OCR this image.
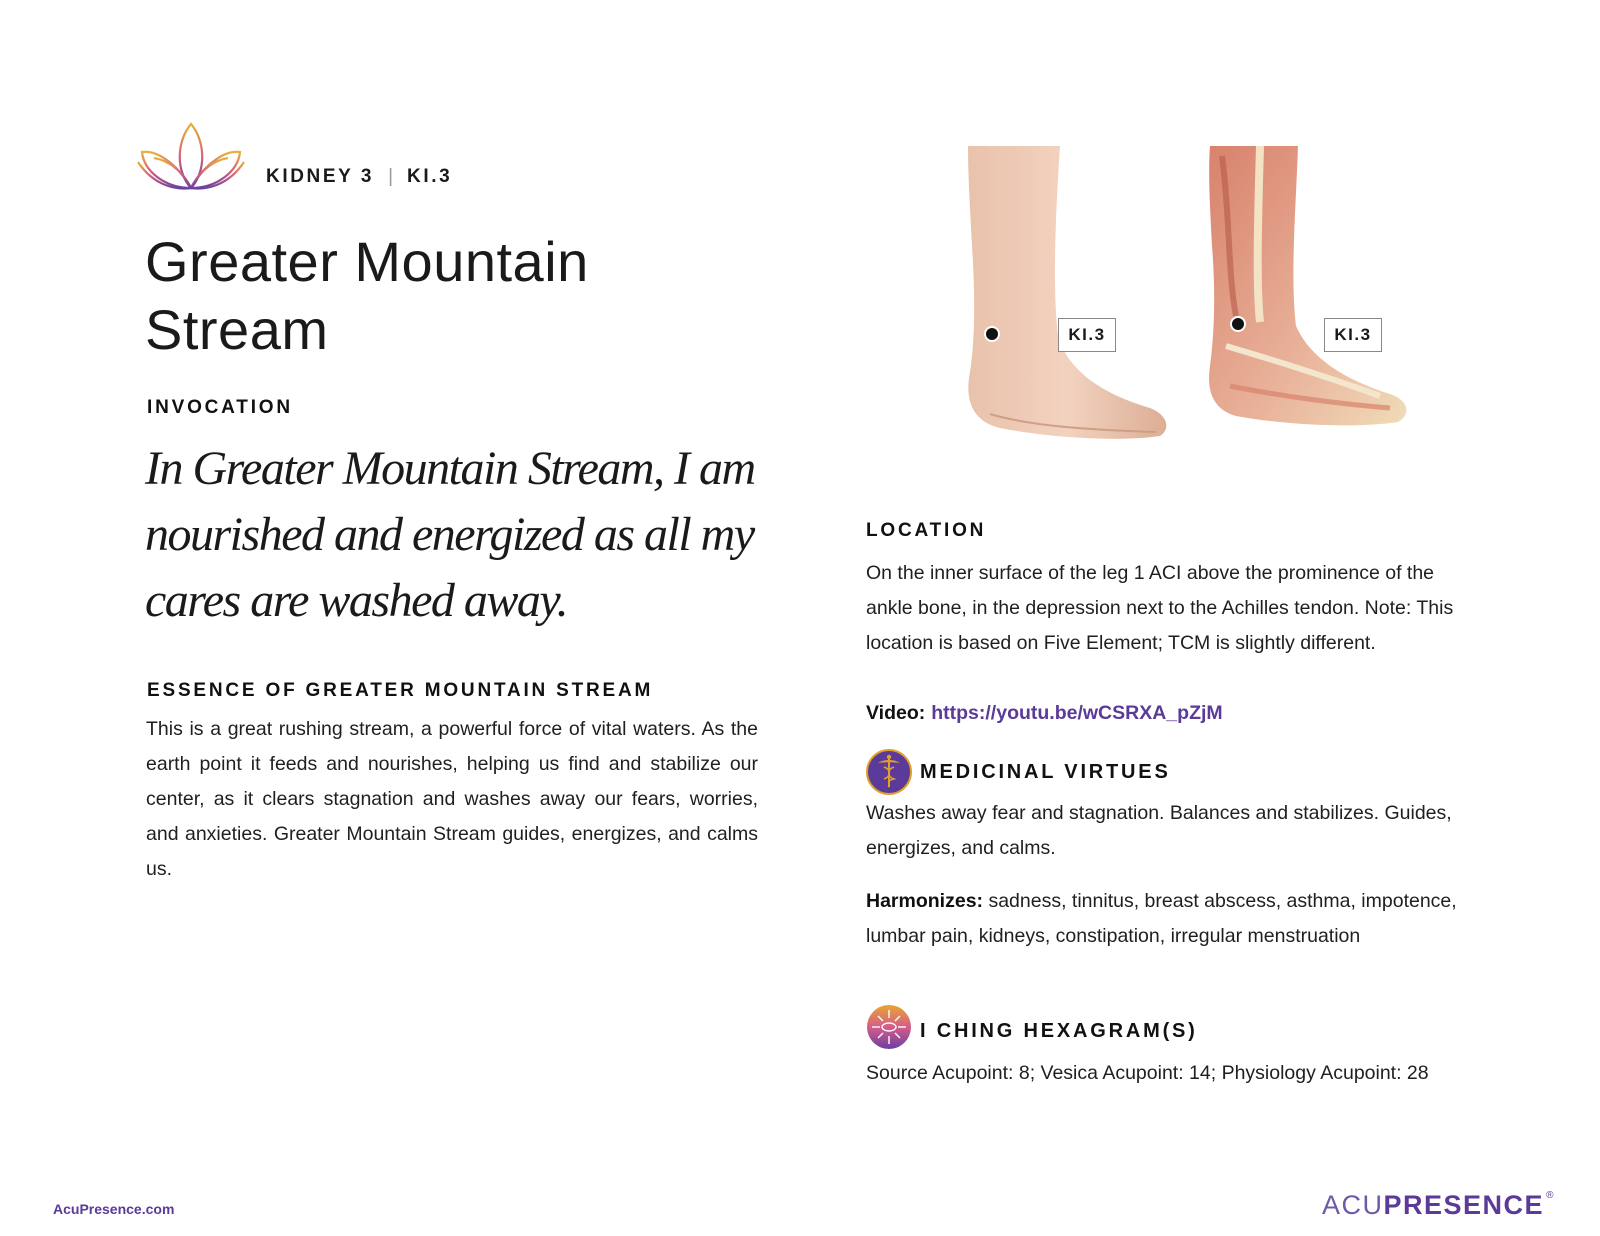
KIDNEY 3 | KI.3
Greater Mountain
Stream
INVOCATION

In Greater Mountain Stream, I am nourished and energized as all my cares are washed away.

ESSENCE OF GREATER MOUNTAIN STREAM

This is a great rushing stream, a powerful force of vital waters. As the earth point it feeds and nourishes, helping us find and stabilize our center, as it clears stagnation and washes away our fears, worries, and anxieties. Greater Mountain Stream guides, energizes, and calms us.

KI.3	KI.3
LOCATION

On the inner surface of the leg 1 ACI above the prominence of the ankle bone, in the depression next to the Achilles tendon. Note: This location is based on Five Element; TCM is slightly different.

Video: https://youtu.be/wCSRXA_pZjM
MEDICINAL VIRTUES

Washes away fear and stagnation. Balances and stabilizes. Guides, energizes, and calms.

Harmonizes: sadness, tinnitus, breast abscess, asthma, impotence, lumbar pain, kidneys, constipation, irregular menstruation

I CHING HEXAGRAM(S)

Source Acupoint: 8; Vesica Acupoint: 14; Physiology Acupoint: 28

AcuPresence.com	ACUPRESENCE ®
